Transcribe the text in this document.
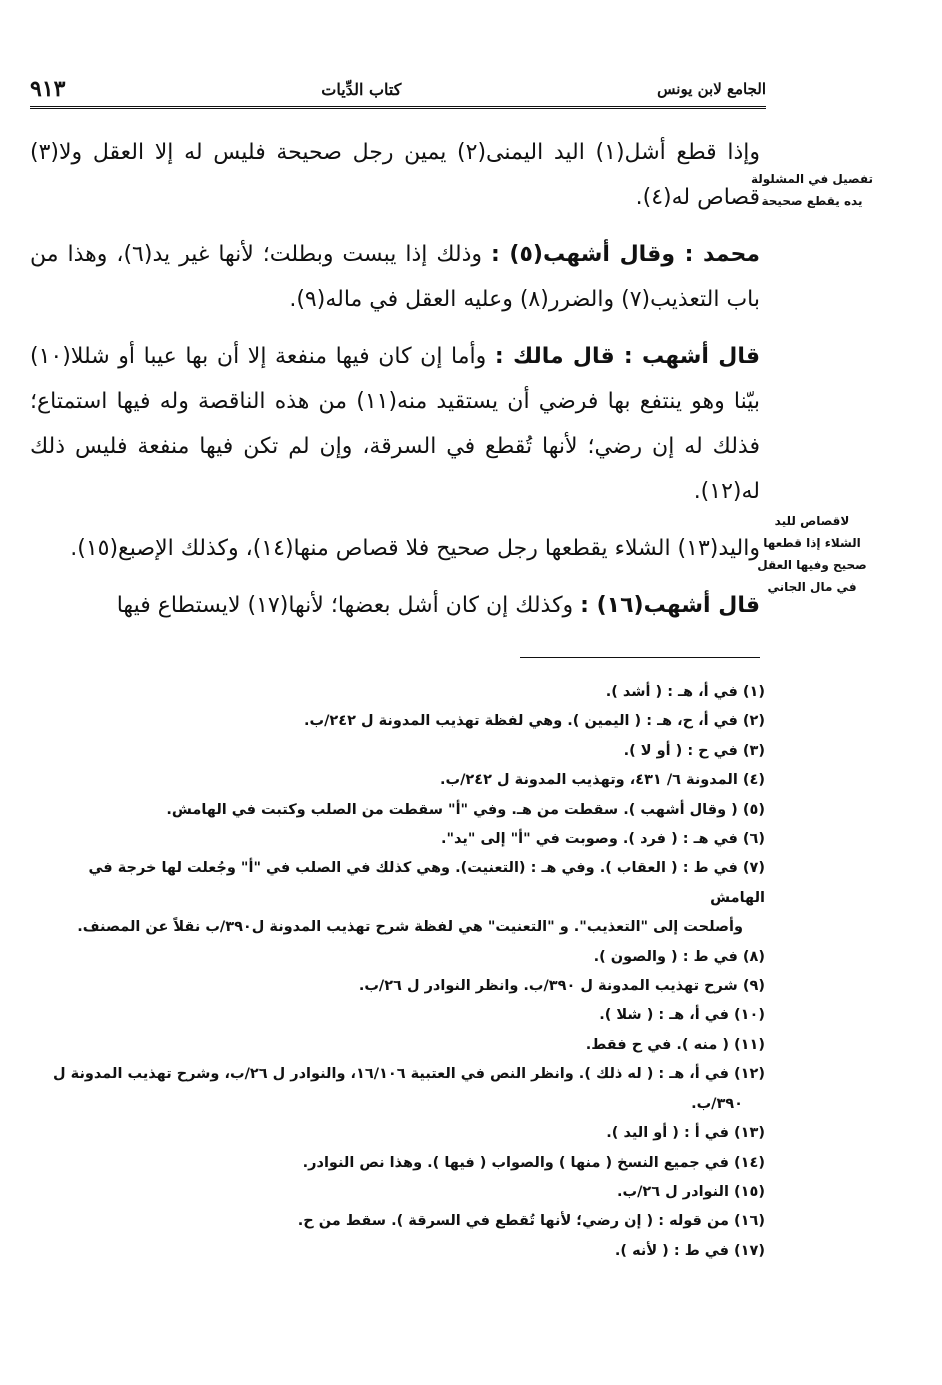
٩١٣	كتاب الدِّيات	الجامع لابن يونس
تفصيل في المشلولة
يده يقطع صحيحة
لاقصاص لليد
الشلاء إذا قطعها
صحيح وفيها العقل
في مال الجاني

وإذا قطع أشل(١) اليد اليمنى(٢) يمين رجل صحيحة فليس له إلا العقل ولا(٣) قصاص له(٤).

محمد : وقال أشهب(٥) : وذلك إذا يبست وبطلت؛ لأنها غير يد(٦)، وهذا من باب التعذيب(٧) والضرر(٨) وعليه العقل في ماله(٩).

قال أشهب : قال مالك : وأما إن كان فيها منفعة إلا أن بها عيبا أو شللا(١٠) بيّنا وهو ينتفع بها فرضي أن يستقيد منه(١١) من هذه الناقصة وله فيها استمتاع؛ فذلك له إن رضي؛ لأنها تُقطع في السرقة، وإن لم تكن فيها منفعة فليس ذلك له(١٢).

واليد(١٣) الشلاء يقطعها رجل صحيح فلا قصاص منها(١٤)، وكذلك الإصبع(١٥).

قال أشهب(١٦) : وكذلك إن كان أشل بعضها؛ لأنها(١٧) لايستطاع فيها

(١) في أ، هـ : ( أشد ).

(٢) في أ، ح، هـ : ( اليمين ). وهي لفظة تهذيب المدونة ل ٢٤٢/ب.

(٣) في ح : ( أو لا ).

(٤) المدونة ٦/ ٤٣١، وتهذيب المدونة ل ٢٤٢/ب.

(٥) ( وقال أشهب ). سقطت من هـ. وفي "أ" سقطت من الصلب وكتبت في الهامش.

(٦) في هـ : ( فرد ). وصوبت في "أ" إلى "يد".

(٧) في ط : ( العقاب ). وفي هـ : (التعنيت). وهي كذلك في الصلب في "أ" وجُعلت لها خرجة في الهامش
وأصلحت إلى "التعذيب". و "التعنيت" هي لفظة شرح تهذيب المدونة ل٣٩٠/ب نقلاً عن المصنف.

(٨) في ط : ( والصون ).

(٩) شرح تهذيب المدونة ل ٣٩٠/ب. وانظر النوادر ل ٢٦/ب.

(١٠) في أ، هـ : ( شلا ).

(١١) ( منه ). في ح فقط.

(١٢) في أ، هـ : ( له ذلك ). وانظر النص في العتبية ١٦/١٠٦، والنوادر ل ٢٦/ب، وشرح تهذيب المدونة ل
٣٩٠/ب.

(١٣) في أ : ( أو اليد ).

(١٤) في جميع النسخ ( منها ) والصواب ( فيها ). وهذا نص النوادر.

(١٥) النوادر ل ٢٦/ب.

(١٦) من قوله : ( إن رضي؛ لأنها تُقطع في السرقة ). سقط من ح.

(١٧) في ط : ( لأنه ).
